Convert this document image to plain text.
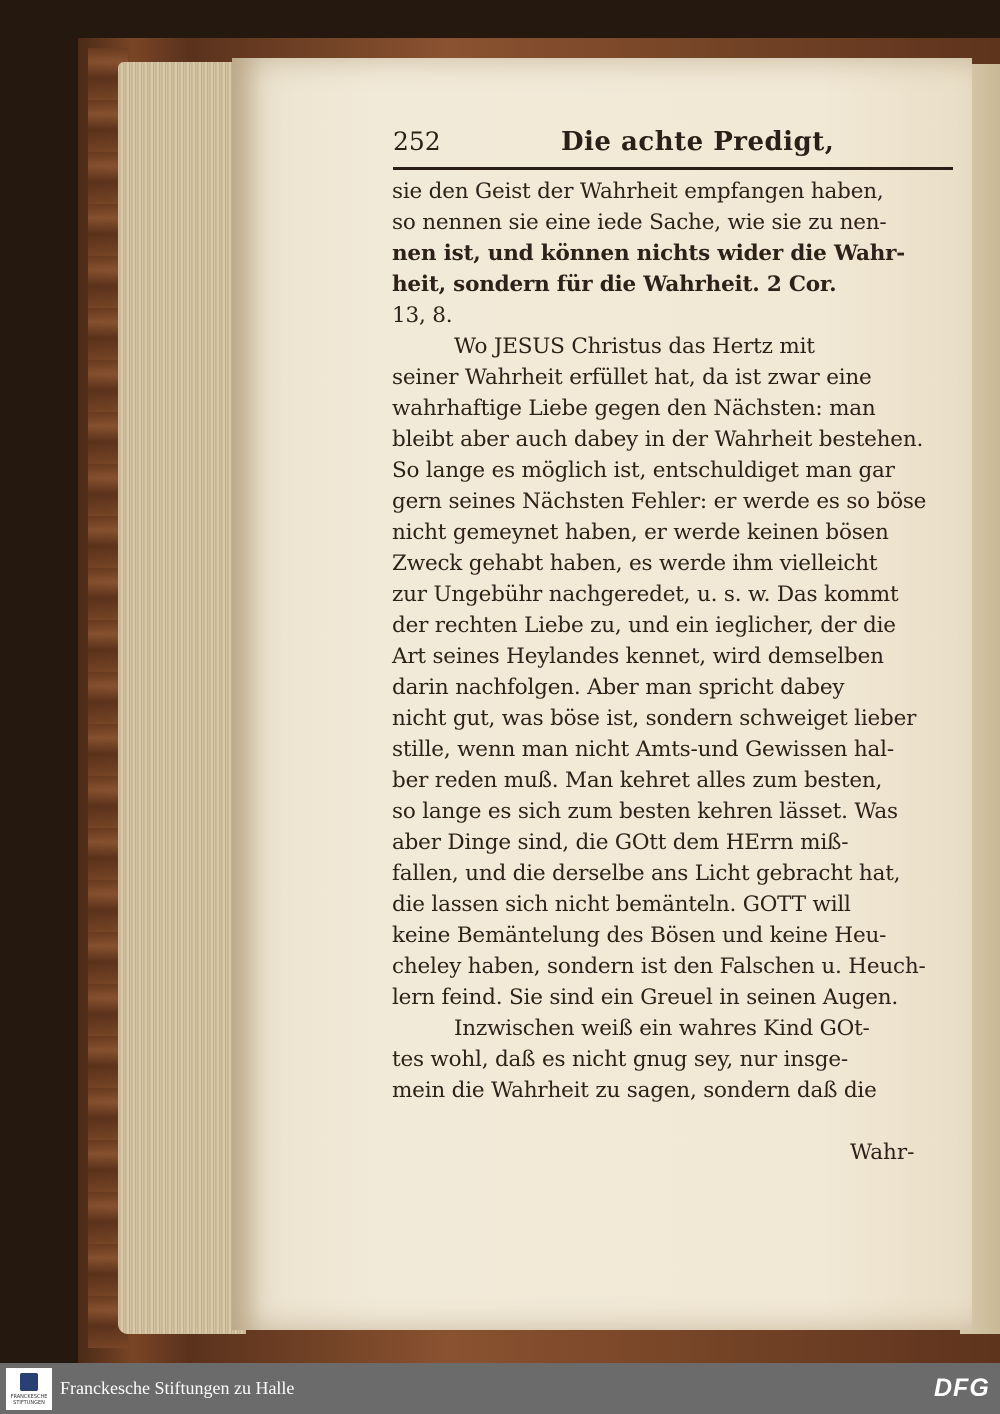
252	Die achte Predigt,
sie den Geist der Wahrheit empfangen haben,
so nennen sie eine iede Sache, wie sie zu nen-
nen ist, und können nichts wider die Wahr-
heit, sondern für die Wahrheit. 2 Cor.
13, 8.
Wo JESUS Christus das Hertz mit
seiner Wahrheit erfüllet hat, da ist zwar eine
wahrhaftige Liebe gegen den Nächsten: man
bleibt aber auch dabey in der Wahrheit bestehen.
So lange es möglich ist, entschuldiget man gar
gern seines Nächsten Fehler: er werde es so böse
nicht gemeynet haben, er werde keinen bösen
Zweck gehabt haben, es werde ihm vielleicht
zur Ungebühr nachgeredet, u. s. w. Das kommt
der rechten Liebe zu, und ein ieglicher, der die
Art seines Heylandes kennet, wird demselben
darin nachfolgen. Aber man spricht dabey
nicht gut, was böse ist, sondern schweiget lieber
stille, wenn man nicht Amts-und Gewissen hal-
ber reden muß. Man kehret alles zum besten,
so lange es sich zum besten kehren lässet. Was
aber Dinge sind, die GOtt dem HErrn miß-
fallen, und die derselbe ans Licht gebracht hat,
die lassen sich nicht bemänteln. GOTT will
keine Bemäntelung des Bösen und keine Heu-
cheley haben, sondern ist den Falschen u. Heuch-
lern feind. Sie sind ein Greuel in seinen Augen.
Inzwischen weiß ein wahres Kind GOt-
tes wohl, daß es nicht gnug sey, nur insge-
mein die Wahrheit zu sagen, sondern daß die
Wahr-
FRANCKESCHE STIFTUNGEN
Franckesche Stiftungen zu Halle	DFG
